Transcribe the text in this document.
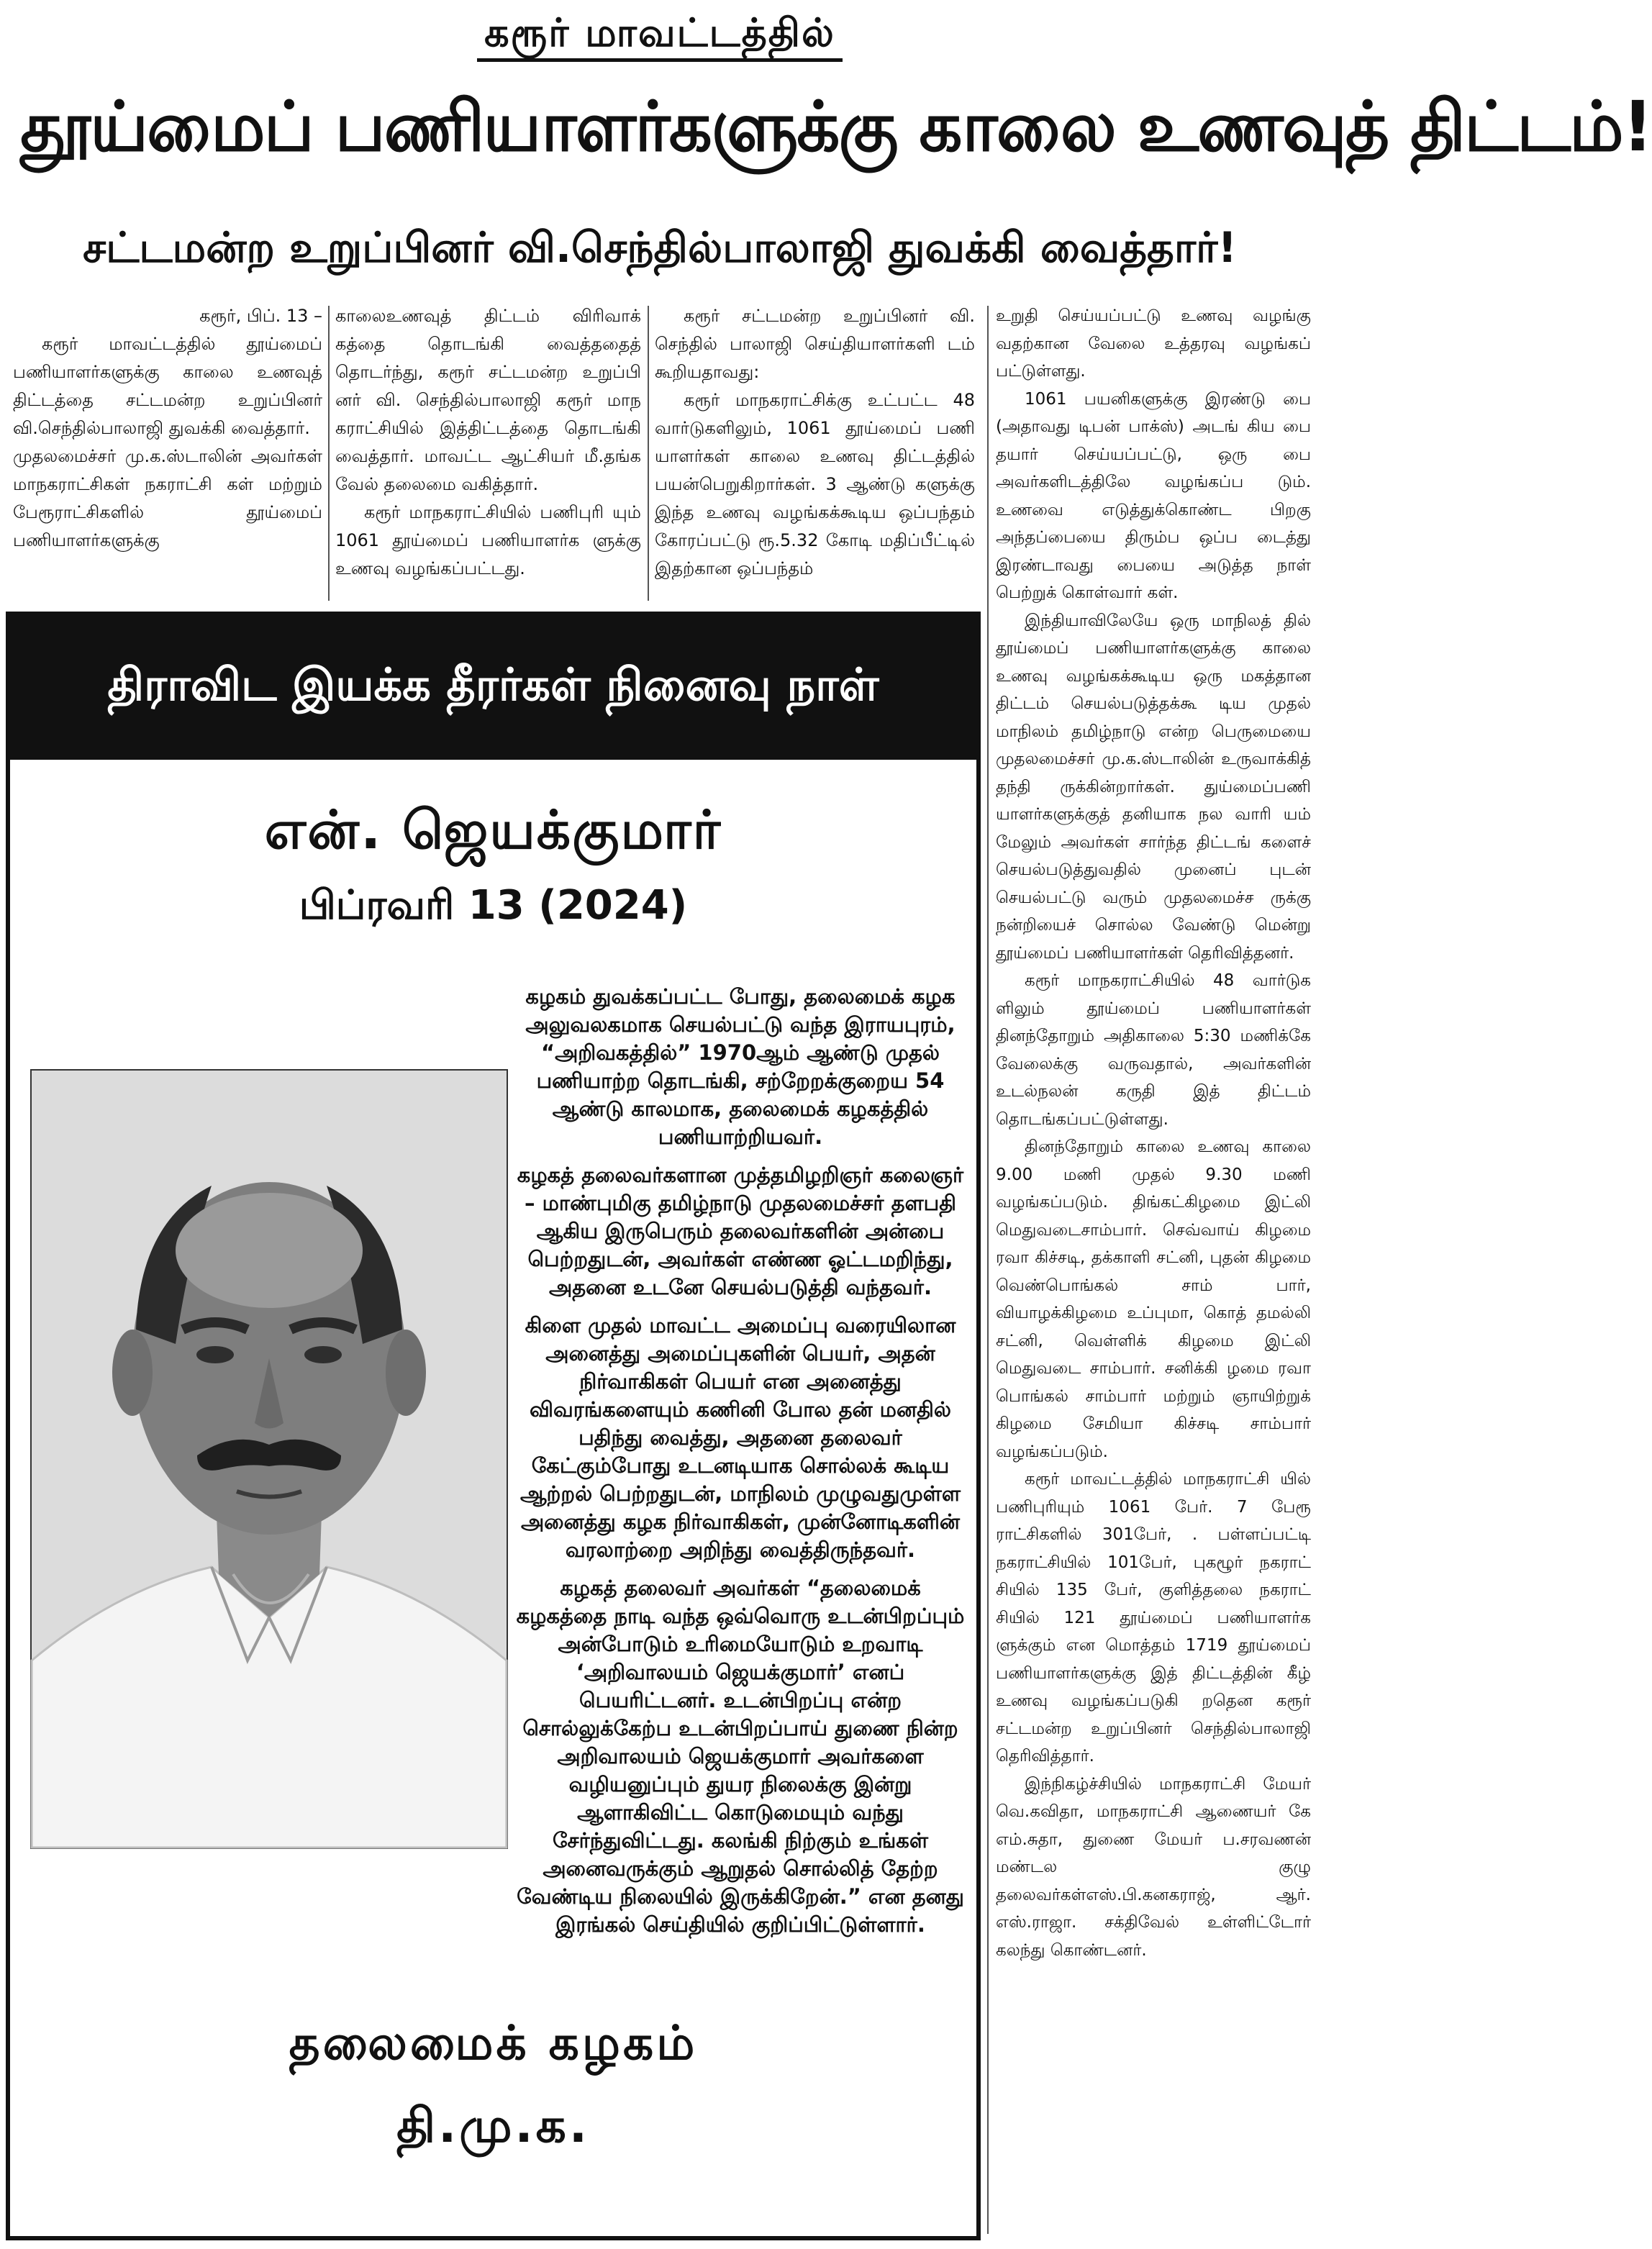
கரூர் மாவட்டத்தில்
தூய்மைப் பணியாளர்களுக்கு காலை உணவுத் திட்டம்!
சட்டமன்ற உறுப்பினர் வி.செந்தில்பாலாஜி துவக்கி வைத்தார்!

கரூர், பிப். 13 –

கரூர் மாவட்டத்தில் தூய்மைப் பணியாளர்களுக்கு காலை உணவுத் திட்டத்தை சட்டமன்ற உறுப்பினர் வி.செந்தில்பாலாஜி துவக்கி வைத்தார்.

முதலமைச்சர் மு.க.ஸ்டாலின் அவர்கள் மாநகராட்சிகள் நகராட்சி கள் மற்றும் பேரூராட்சிகளில் தூய்மைப் பணியாளர்களுக்கு

காலைஉணவுத் திட்டம் விரிவாக் கத்தை தொடங்கி வைத்ததைத் தொடர்ந்து, கரூர் சட்டமன்ற உறுப்பி னர் வி. செந்தில்பாலாஜி கரூர் மாந கராட்சியில் இத்திட்டத்தை தொடங்கி வைத்தார். மாவட்ட ஆட்சியர் மீ.தங்க வேல் தலைமை வகித்தார்.

கரூர் மாநகராட்சியில் பணிபுரி யும் 1061 தூய்மைப் பணியாளர்க ளுக்கு உணவு வழங்கப்பட்டது.

கரூர் சட்டமன்ற உறுப்பினர் வி. செந்தில் பாலாஜி செய்தியாளர்களி டம் கூறியதாவது:

கரூர் மாநகராட்சிக்கு உட்பட்ட 48 வார்டுகளிலும், 1061 தூய்மைப் பணி யாளர்கள் காலை உணவு திட்டத்தில் பயன்பெறுகிறார்கள். 3 ஆண்டு களுக்கு இந்த உணவு வழங்கக்கூடிய ஒப்பந்தம் கோரப்பட்டு ரூ.5.32 கோடி மதிப்பீட்டில் இதற்கான ஒப்பந்தம்

உறுதி செய்யப்பட்டு உணவு வழங்கு வதற்கான வேலை உத்தரவு வழங்கப் பட்டுள்ளது.

1061 பயனிகளுக்கு இரண்டு பை (அதாவது டிபன் பாக்ஸ்) அடங் கிய பை தயார் செய்யப்பட்டு, ஒரு பை அவர்களிடத்திலே வழங்கப்ப டும். உணவை எடுத்துக்கொண்ட பிறகு அந்தப்பையை திரும்ப ஒப்ப டைத்து இரண்டாவது பையை அடுத்த நாள் பெற்றுக் கொள்வார் கள்.

இந்தியாவிலேயே ஒரு மாநிலத் தில் தூய்மைப் பணியாளர்களுக்கு காலை உணவு வழங்கக்கூடிய ஒரு மகத்தான திட்டம் செயல்படுத்தக்கூ டிய முதல் மாநிலம் தமிழ்நாடு என்ற பெருமையை முதலமைச்சர் மு.க.ஸ்டாலின் உருவாக்கித் தந்தி ருக்கின்றார்கள். துய்மைப்பணி யாளர்களுக்குத் தனியாக நல வாரி யம் மேலும் அவர்கள் சார்ந்த திட்டங் களைச் செயல்படுத்துவதில் முனைப் புடன் செயல்பட்டு வரும் முதலமைச்ச ருக்கு நன்றியைச் சொல்ல வேண்டு மென்று தூய்மைப் பணியாளர்கள் தெரிவித்தனர்.

கரூர் மாநகராட்சியில் 48 வார்டுக ளிலும் தூய்மைப் பணியாளர்கள் தினந்தோறும் அதிகாலை 5:30 மணிக்கே வேலைக்கு வருவதால், அவர்களின் உடல்நலன் கருதி இத் திட்டம் தொடங்கப்பட்டுள்ளது.

தினந்தோறும் காலை உணவு காலை 9.00 மணி முதல் 9.30 மணி வழங்கப்படும். திங்கட்கிழமை இட்லி மெதுவடைசாம்பார். செவ்வாய் கிழமை ரவா கிச்சடி, தக்காளி சட்னி, புதன் கிழமை வெண்பொங்கல் சாம் பார், வியாழக்கிழமை உப்புமா, கொத் தமல்லி சட்னி, வெள்ளிக் கிழமை இட்லி மெதுவடை சாம்பார். சனிக்கி ழமை ரவா பொங்கல் சாம்பார் மற்றும் ஞாயிற்றுக் கிழமை சேமியா கிச்சடி சாம்பார் வழங்கப்படும்.

கரூர் மாவட்டத்தில் மாநகராட்சி யில் பணிபுரியும் 1061 பேர். 7 பேரூ ராட்சிகளில் 301பேர், . பள்ளப்பட்டி நகராட்சியில் 101பேர், புகழூர் நகராட் சியில் 135 பேர், குளித்தலை நகராட் சியில் 121 தூய்மைப் பணியாளர்க ளுக்கும் என மொத்தம் 1719 தூய்மைப் பணியாளர்களுக்கு இத் திட்டத்தின் கீழ் உணவு வழங்கப்படுகி றதென கரூர் சட்டமன்ற உறுப்பினர் செந்தில்பாலாஜி தெரிவித்தார்.

இந்நிகழ்ச்சியில் மாநகராட்சி மேயர் வெ.கவிதா, மாநகராட்சி ஆணையர் கே எம்.சுதா, துணை மேயர் ப.சரவணன் மண்டல குழு தலைவர்கள்எஸ்.பி.கனகராஜ், ஆர். எஸ்.ராஜா. சக்திவேல் உள்ளிட்டோர் கலந்து கொண்டனர்.

திராவிட இயக்க தீரர்கள் நினைவு நாள்
என். ஜெயக்குமார்
பிப்ரவரி 13 (2024)

கழகம் துவக்கப்பட்ட போது, தலைமைக் கழக அலுவலகமாக செயல்பட்டு வந்த இராயபுரம், “அறிவகத்தில்” 1970ஆம் ஆண்டு முதல் பணியாற்ற தொடங்கி, சற்றேறக்குறைய 54 ஆண்டு காலமாக, தலைமைக் கழகத்தில் பணியாற்றியவர்.

கழகத் தலைவர்களான முத்தமிழறிஞர் கலைஞர் – மாண்புமிகு தமிழ்நாடு முதலமைச்சர் தளபதி ஆகிய இருபெரும் தலைவர்களின் அன்பை பெற்றதுடன், அவர்கள் எண்ண ஓட்டமறிந்து, அதனை உடனே செயல்படுத்தி வந்தவர்.

கிளை முதல் மாவட்ட அமைப்பு வரையிலான அனைத்து அமைப்புகளின் பெயர், அதன் நிர்வாகிகள் பெயர் என அனைத்து விவரங்களையும் கணினி போல தன் மனதில் பதிந்து வைத்து, அதனை தலைவர் கேட்கும்போது உடனடியாக சொல்லக் கூடிய ஆற்றல் பெற்றதுடன், மாநிலம் முழுவதுமுள்ள அனைத்து கழக நிர்வாகிகள், முன்னோடிகளின் வரலாற்றை அறிந்து வைத்திருந்தவர்.

கழகத் தலைவர் அவர்கள் “தலைமைக் கழகத்தை நாடி வந்த ஒவ்வொரு உடன்பிறப்பும் அன்போடும் உரிமையோடும் உறவாடி ‘அறிவாலயம் ஜெயக்குமார்’ எனப் பெயரிட்டனர். உடன்பிறப்பு என்ற சொல்லுக்கேற்ப உடன்பிறப்பாய் துணை நின்ற அறிவாலயம் ஜெயக்குமார் அவர்களை வழியனுப்பும் துயர நிலைக்கு இன்று ஆளாகிவிட்ட கொடுமையும் வந்து சேர்ந்துவிட்டது. கலங்கி நிற்கும் உங்கள் அனைவருக்கும் ஆறுதல் சொல்லித் தேற்ற வேண்டிய நிலையில் இருக்கிறேன்.” என தனது இரங்கல் செய்தியில் குறிப்பிட்டுள்ளார்.

தலைமைக் கழகம்
தி.மு.க.
